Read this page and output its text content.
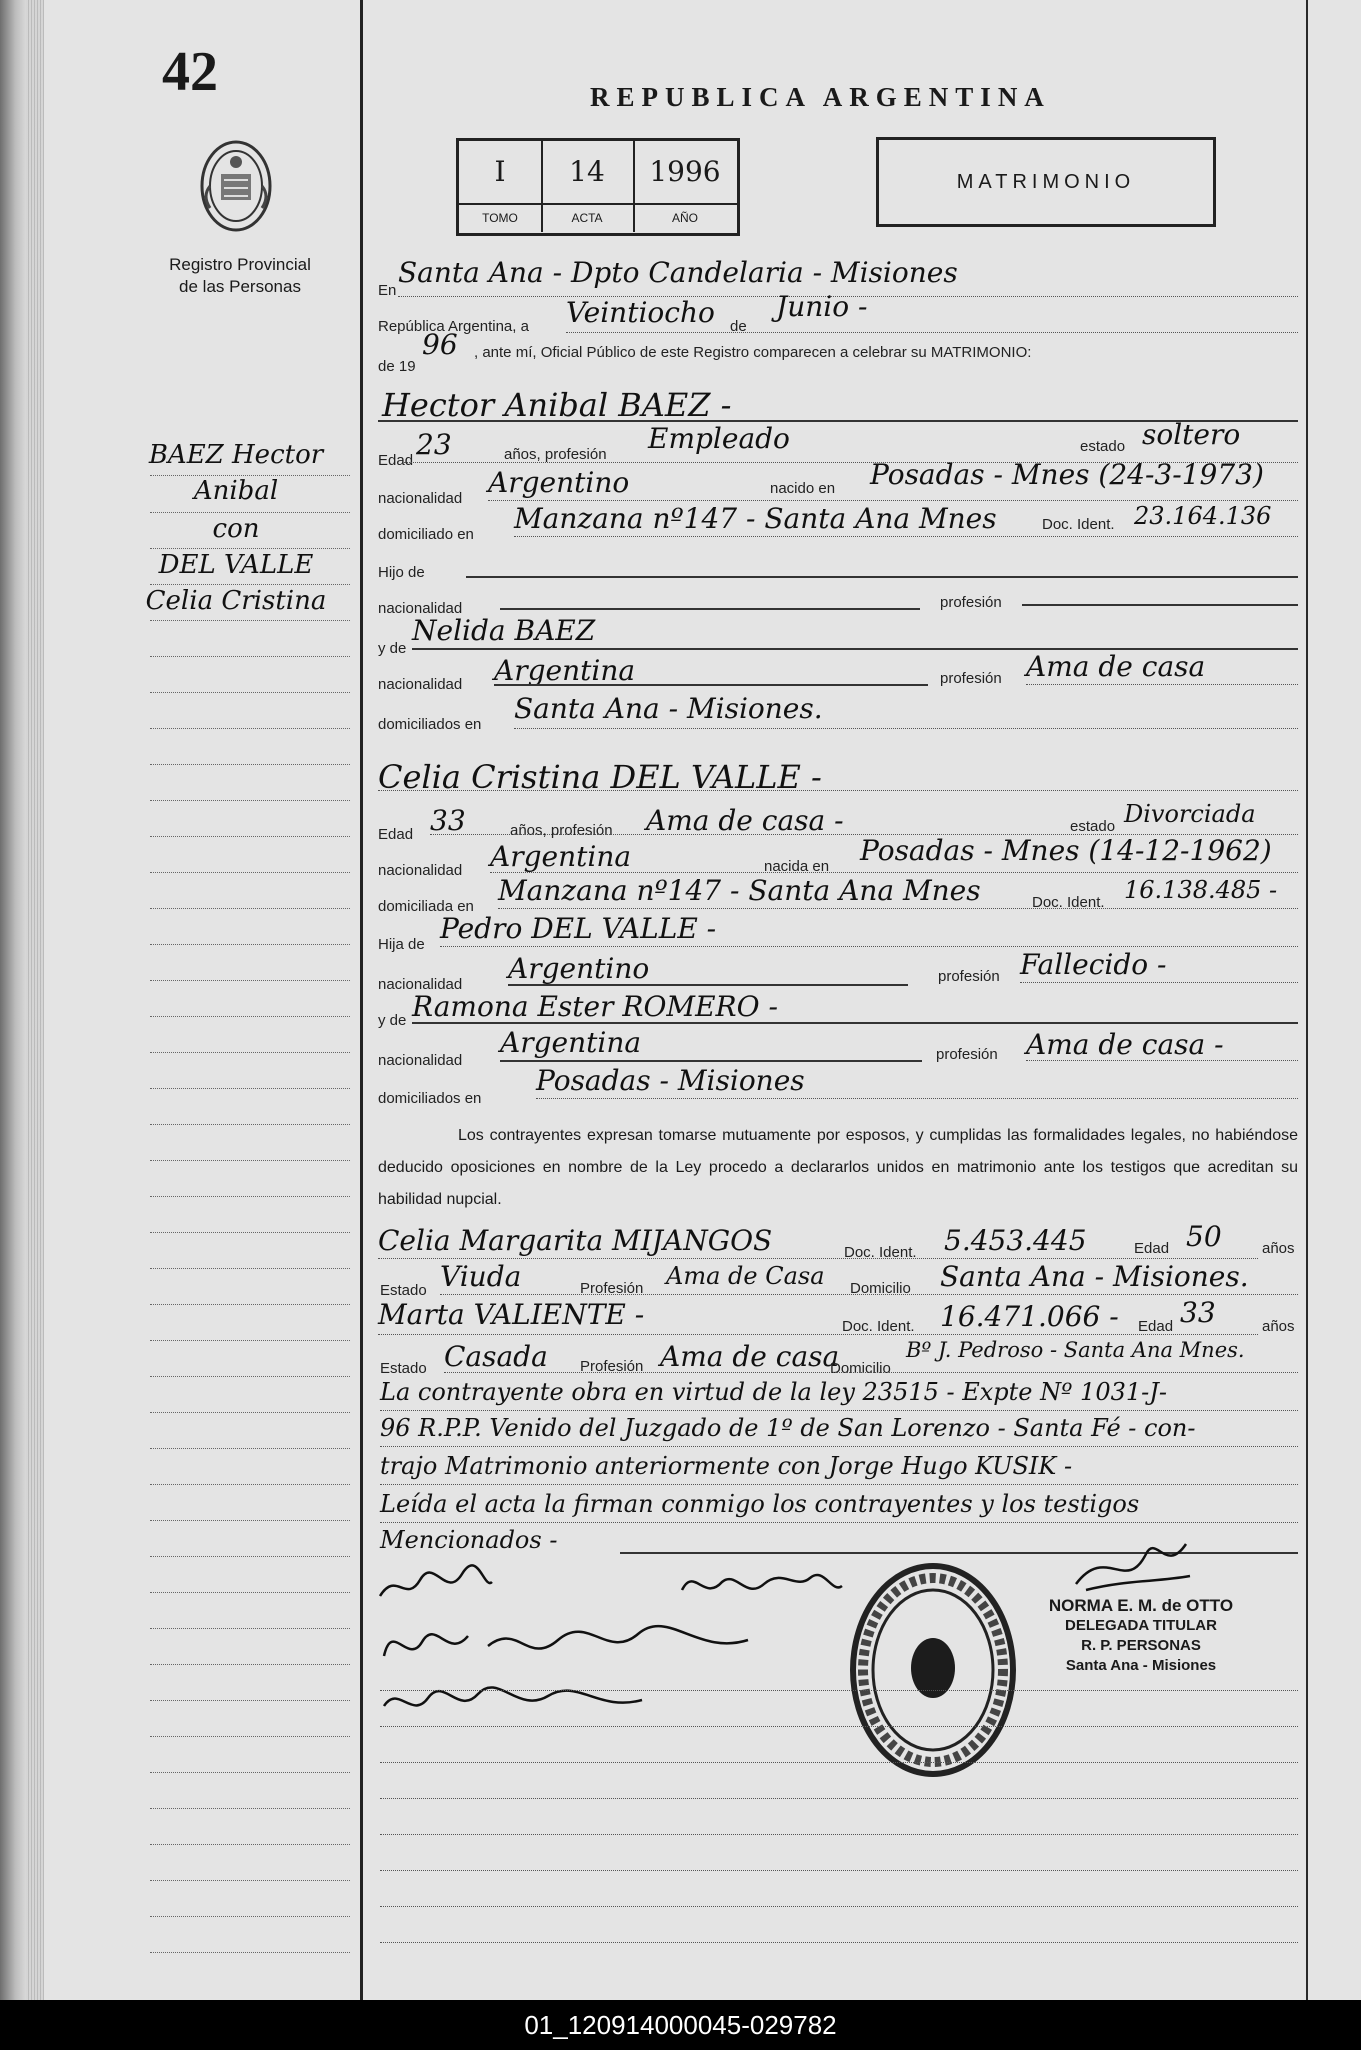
42
Registro Provincial
de las Personas
BAEZ Hector
Anibal
con
DEL VALLE
Celia Cristina
REPUBLICA ARGENTINA
I	14	1996
TOMO	ACTA	AÑO
MATRIMONIO
En
Santa Ana - Dpto Candelaria - Misiones
República Argentina, a Veintiocho de
Junio -
de 19
96 , ante mí, Oficial Público de este Registro comparecen a celebrar su MATRIMONIO:
Hector Anibal BAEZ -
Edad 23	años, profesión Empleado	estado soltero
nacionalidad Argentino	nacido en Posadas - Mnes (24-3-1973)
domiciliado en Manzana nº147 - Santa Ana Mnes	Doc. Ident. 23.164.136
Hijo de
nacionalidad	profesión
y de
Nelida BAEZ
nacionalidad Argentina	profesión Ama de casa
domiciliados en Santa Ana - Misiones.
Celia Cristina DEL VALLE -
Edad 33	años, profesión Ama de casa -	estado Divorciada
nacionalidad Argentina	nacida en Posadas - Mnes (14-12-1962)
domiciliada en Manzana nº147 - Santa Ana Mnes	Doc. Ident. 16.138.485 -
Hija de Pedro DEL VALLE -
nacionalidad Argentino	profesión Fallecido -
y de Ramona Ester ROMERO -
nacionalidad
Argentina	profesión Ama de casa -
domiciliados en
Posadas - Misiones
Los contrayentes expresan tomarse mutuamente por esposos, y cumplidas las formalidades legales, no habiéndose deducido oposiciones en nombre de la Ley procedo a declararlos unidos en matrimonio ante los testigos que acreditan su habilidad nupcial.
Celia Margarita MIJANGOS	Doc. Ident. 5.453.445	Edad 50	años
Estado Viuda	Profesión Ama de Casa Domicilio Santa Ana - Misiones.
Marta VALIENTE -	Doc. Ident. 16.471.066 - Edad 33	años
Estado Casada Profesión Ama de casa
Domicilio
Bº J. Pedroso - Santa Ana Mnes.
La contrayente obra en virtud de la ley 23515 - Expte Nº 1031-J-
96 R.P.P. Venido del Juzgado de 1º de San Lorenzo - Santa Fé - con-
trajo Matrimonio anteriormente con Jorge Hugo KUSIK -
Leída el acta la firman conmigo los contrayentes y los testigos
Mencionados -
NORMA E. M. de OTTO
DELEGADA TITULAR
R. P. PERSONAS
Santa Ana - Misiones
01_120914000045-029782
